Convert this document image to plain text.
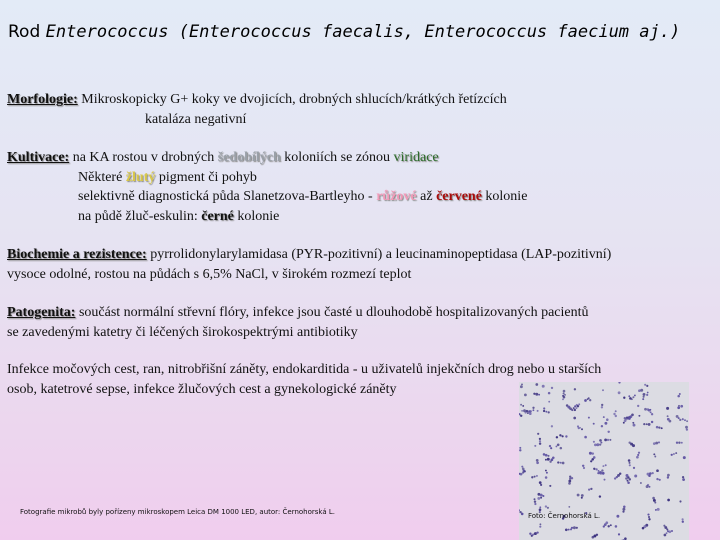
Rod Enterococcus (Enterococcus faecalis, Enterococcus faecium aj.)
Morfologie: Mikroskopicky G+ koky ve dvojicích, drobných shlucích/krátkých řetízcích
kataláza negativní
Kultivace: na KA rostou v drobných šedobílých koloniích se zónou viridace
Některé žlutý pigment či pohyb
selektivně diagnostická půda Slanetzova-Bartleyho - růžové až červené kolonie
na půdě žluč-eskulin: černé kolonie
Biochemie a rezistence: pyrrolidonylarylamidasa (PYR-pozitivní) a leucinaminopeptidasa (LAP-pozitivní)
vysoce odolné, rostou na půdách s 6,5% NaCl, v širokém rozmezí teplot
Patogenita: součást normální střevní flóry, infekce jsou časté u dlouhodobě hospitalizovaných pacientů
se zavedenými katetry či léčených širokospektrými antibiotiky
Infekce močových cest, ran, nitrobřišní záněty, endokarditida - u uživatelů injekčních drog nebo u starších
osob, katetrové sepse, infekce žlučových cest a gynekologické záněty
Fotografie mikrobů byly pořízeny mikroskopem Leica DM 1000 LED, autor: Černohorská L.	Foto: Černohorská L.
